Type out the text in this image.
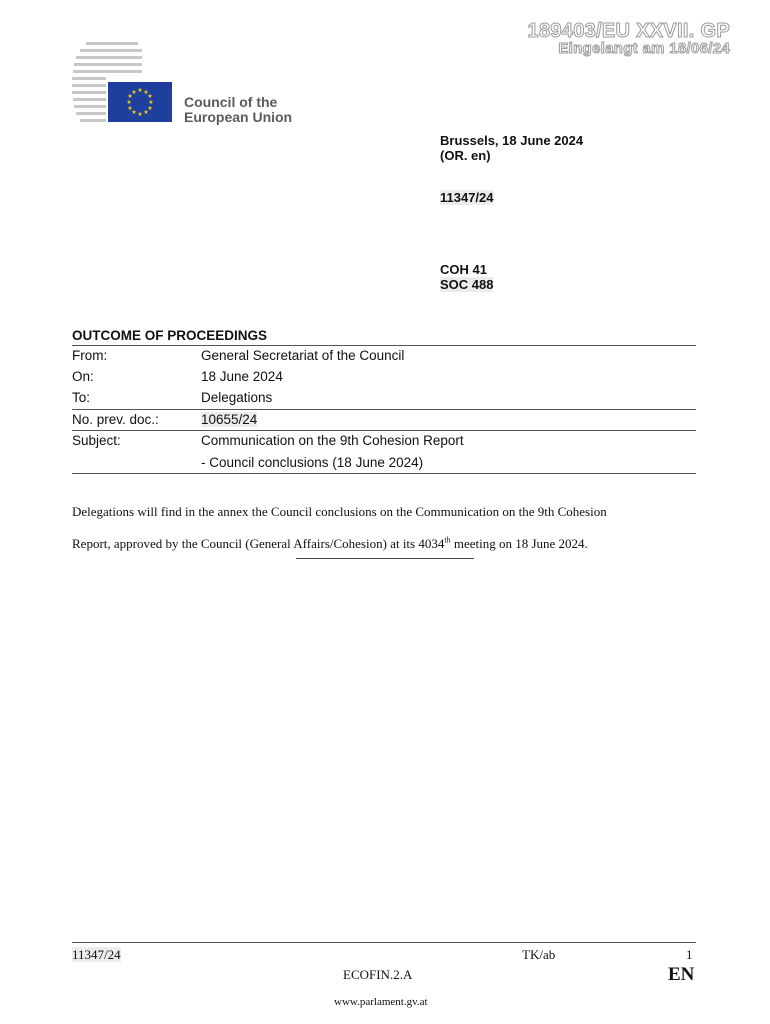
189403/EU XXVII. GP
Eingelangt am 18/06/24
★ ★
★
★
★
★
★
★
★
★
★
★
Council of the
European Union
Brussels, 18 June 2024
(OR. en)
11347/24
COH 41
SOC 488
OUTCOME OF PROCEEDINGS
From:	General Secretariat of the Council
On:	18 June 2024
To:	Delegations
No. prev. doc.:	10655/24
Subject:	Communication on the 9th Cohesion Report
- Council conclusions (18 June 2024)
Delegations will find in the annex the Council conclusions on the Communication on the 9th Cohesion
Report, approved by the Council (General Affairs/Cohesion) at its 4034th meeting on 18 June 2024.
11347/24	TK/ab	1
ECOFIN.2.A	EN
www.parlament.gv.at
